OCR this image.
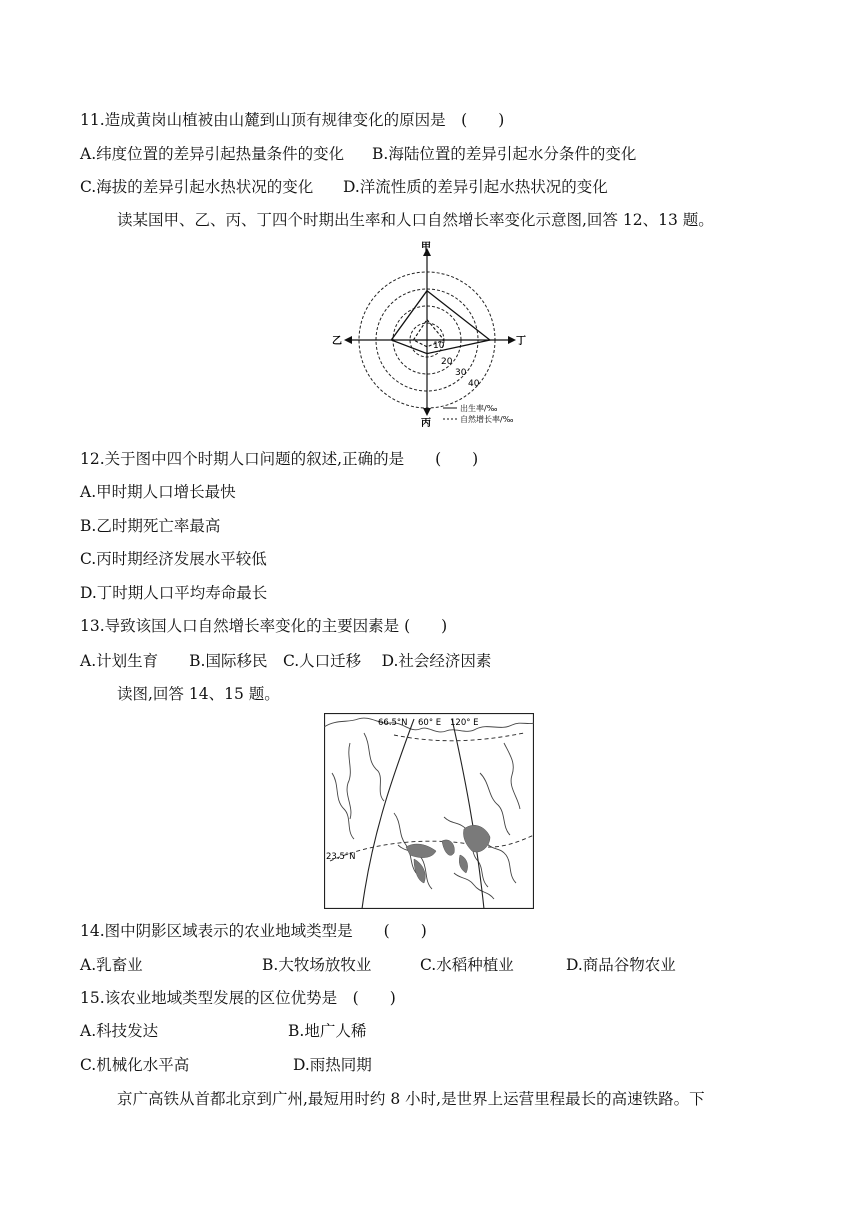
11.造成黄岗山植被由山麓到山顶有规律变化的原因是　(　　)
A.纬度位置的差异引起热量条件的变化 B.海陆位置的差异引起水分条件的变化
C.海拔的差异引起水热状况的变化 D.洋流性质的差异引起水热状况的变化
读某国甲、乙、丙、丁四个时期出生率和人口自然增长率变化示意图,回答 12、13 题。
甲
乙
丙
丁
10
20
30
40
出生率/‰
自然增长率/‰
12.关于图中四个时期人口问题的叙述,正确的是　　(　　)
A.甲时期人口增长最快
B.乙时期死亡率最高
C.丙时期经济发展水平较低
D.丁时期人口平均寿命最长
13.导致该国人口自然增长率变化的主要因素是 (　　)
A.计划生育　　B.国际移民　C.人口迁移　 D.社会经济因素
读图,回答 14、15 题。
66.5°N 60° E 120° E
23.5°N
14.图中阴影区域表示的农业地域类型是　　(　　)
A.乳畜业	B.大牧场放牧业	C.水稻种植业	D.商品谷物农业
15.该农业地域类型发展的区位优势是　(　　)
A.科技发达	B.地广人稀
C.机械化水平高	D.雨热同期
京广高铁从首都北京到广州,最短用时约 8 小时,是世界上运营里程最长的高速铁路。下
